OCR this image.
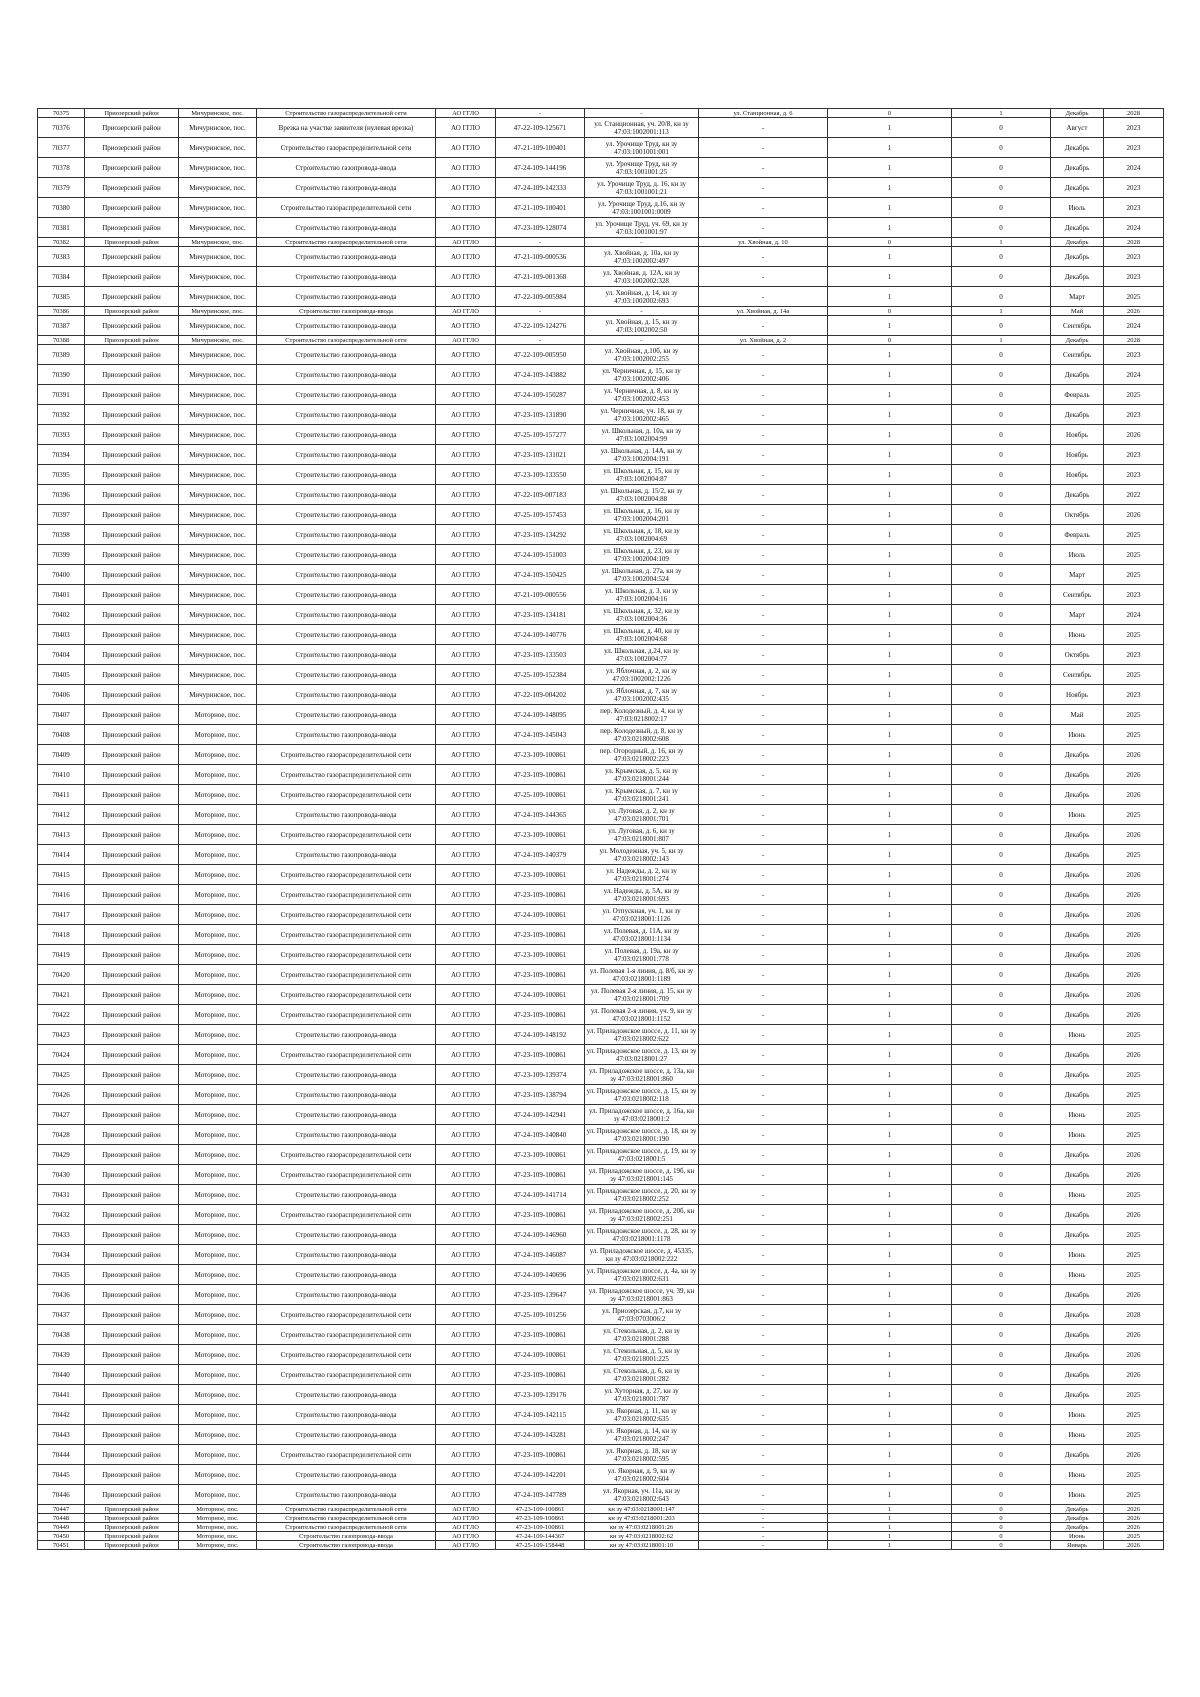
70375	Приозерский район	Мичуринское, пос.	Строительство газораспределительной сети	АО ГГЛО	-	-	ул. Станционная, д. 6	0	1	Декабрь	2028
70376	Приозерский район	Мичуринское, пос.	Врезка на участке заявителя (нулевая врезка)	АО ГГЛО	47-22-109-125671	ул. Станционная, уч. 20/8, кн зу 47:03:1002001:113	-	1	0	Август	2023
70377	Приозерский район	Мичуринское, пос.	Строительство газораспределительной сети	АО ГГЛО	47-21-109-100401	ул. Урочище Труд, кн зу 47:03:1001001:001	-	1	0	Декабрь	2023
70378	Приозерский район	Мичуринское, пос.	Строительство газопровода-ввода	АО ГГЛО	47-24-109-144196	ул. Урочище Труд, кн зу 47:03:1001001:25	-	1	0	Декабрь	2024
70379	Приозерский район	Мичуринское, пос.	Строительство газопровода-ввода	АО ГГЛО	47-24-109-142333	ул. Урочище Труд, д. 16, кн зу 47:03:1001001:21	-	1	0	Декабрь	2023
70380	Приозерский район	Мичуринское, пос.	Строительство газораспределительной сети	АО ГГЛО	47-21-109-100401	ул. Урочище Труд, д.16, кн зу 47:03:1001001:0009	-	1	0	Июль	2023
70381	Приозерский район	Мичуринское, пос.	Строительство газопровода-ввода	АО ГГЛО	47-23-109-128074	ул. Урочище Труд, уч. 69, кн зу 47:03:1001001:97	-	1	0	Декабрь	2024
70382	Приозерский район	Мичуринское, пос.	Строительство газораспределительной сети	АО ГГЛО	-	-	ул. Хвойная, д. 10	0	1	Декабрь	2028
70383	Приозерский район	Мичуринское, пос.	Строительство газопровода-ввода	АО ГГЛО	47-21-109-000536	ул. Хвойная, д. 10а, кн зу 47:03:1002002:497	-	1	0	Декабрь	2023
70384	Приозерский район	Мичуринское, пос.	Строительство газопровода-ввода	АО ГГЛО	47-21-109-001368	ул. Хвойная, д. 12А, кн зу 47:03:1002002:328	-	1	0	Декабрь	2023
70385	Приозерский район	Мичуринское, пос.	Строительство газопровода-ввода	АО ГГЛО	47-22-109-005984	ул. Хвойная, д. 14, кн зу 47:03:1002002:693	-	1	0	Март	2025
70386	Приозерский район	Мичуринское, пос.	Строительство газопровода-ввода	АО ГГЛО	-	-	ул. Хвойная, д. 14а	0	1	Май	2026
70387	Приозерский район	Мичуринское, пос.	Строительство газопровода-ввода	АО ГГЛО	47-22-109-124276	ул. Хвойная, д. 15, кн зу 47:03:1002002:50	-	1	0	Сентябрь	2024
70388	Приозерский район	Мичуринское, пос.	Строительство газораспределительной сети	АО ГГЛО	-	-	ул. Хвойная, д. 2	0	1	Декабрь	2028
70389	Приозерский район	Мичуринское, пос.	Строительство газопровода-ввода	АО ГГЛО	47-22-109-005950	ул. Хвойная, д.10б, кн зу 47:03:1002002:255	-	1	0	Сентябрь	2023
70390	Приозерский район	Мичуринское, пос.	Строительство газопровода-ввода	АО ГГЛО	47-24-109-143882	ул. Черничная, д. 15, кн зу 47:03:1002002:406	-	1	0	Декабрь	2024
70391	Приозерский район	Мичуринское, пос.	Строительство газопровода-ввода	АО ГГЛО	47-24-109-150287	ул. Черничная, д. 8, кн зу 47:03:1002002:453	-	1	0	Февраль	2025
70392	Приозерский район	Мичуринское, пос.	Строительство газопровода-ввода	АО ГГЛО	47-23-109-131890	ул. Черничная, уч. 18, кн зу 47:03:1002002:465	-	1	0	Декабрь	2023
70393	Приозерский район	Мичуринское, пос.	Строительство газопровода-ввода	АО ГГЛО	47-25-109-157277	ул. Школьная, д. 10а, кн зу 47:03:1002004:99	-	1	0	Ноябрь	2026
70394	Приозерский район	Мичуринское, пос.	Строительство газопровода-ввода	АО ГГЛО	47-23-109-131021	ул. Школьная, д. 14А, кн зу 47:03:1002004:191	-	1	0	Ноябрь	2023
70395	Приозерский район	Мичуринское, пос.	Строительство газопровода-ввода	АО ГГЛО	47-23-109-133550	ул. Школьная, д. 15, кн зу 47:03:1002004:87	-	1	0	Ноябрь	2023
70396	Приозерский район	Мичуринское, пос.	Строительство газопровода-ввода	АО ГГЛО	47-22-109-007183	ул. Школьная, д. 15/2, кн зу 47:03:1002004:88	-	1	0	Декабрь	2022
70397	Приозерский район	Мичуринское, пос.	Строительство газопровода-ввода	АО ГГЛО	47-25-109-157453	ул. Школьная, д. 16, кн зу 47:03:1002004:201	-	1	0	Октябрь	2026
70398	Приозерский район	Мичуринское, пос.	Строительство газопровода-ввода	АО ГГЛО	47-23-109-134292	ул. Школьная, д. 18, кн зу 47:03:1002004:69	-	1	0	Февраль	2025
70399	Приозерский район	Мичуринское, пос.	Строительство газопровода-ввода	АО ГГЛО	47-24-109-151003	ул. Школьная, д. 23, кн зу 47:03:1002004:109	-	1	0	Июль	2025
70400	Приозерский район	Мичуринское, пос.	Строительство газопровода-ввода	АО ГГЛО	47-24-109-150425	ул. Школьная, д. 27а, кн зу 47:03:1002004:524	-	1	0	Март	2025
70401	Приозерский район	Мичуринское, пос.	Строительство газопровода-ввода	АО ГГЛО	47-21-109-000556	ул. Школьная, д. 3, кн зу 47:03:1002004:16	-	1	0	Сентябрь	2023
70402	Приозерский район	Мичуринское, пос.	Строительство газопровода-ввода	АО ГГЛО	47-23-109-134181	ул. Школьная, д. 32, кн зу 47:03:1002004:36	-	1	0	Март	2024
70403	Приозерский район	Мичуринское, пос.	Строительство газопровода-ввода	АО ГГЛО	47-24-109-140776	ул. Школьная, д. 40, кн зу 47:03:1002004:68	-	1	0	Июнь	2025
70404	Приозерский район	Мичуринское, пос.	Строительство газопровода-ввода	АО ГГЛО	47-23-109-133503	ул. Школьная, д.24, кн зу 47:03:1002004:77	-	1	0	Октябрь	2023
70405	Приозерский район	Мичуринское, пос.	Строительство газопровода-ввода	АО ГГЛО	47-25-109-152384	ул. Яблочная, д. 2, кн зу 47:03:1002002:1226	-	1	0	Сентябрь	2025
70406	Приозерский район	Мичуринское, пос.	Строительство газопровода-ввода	АО ГГЛО	47-22-109-004202	ул. Яблочная, д. 7, кн зу 47:03:1002002:435	-	1	0	Ноябрь	2023
70407	Приозерский район	Моторное, пос.	Строительство газопровода-ввода	АО ГГЛО	47-24-109-148095	пер. Колодезный, д. 4, кн зу 47:03:0218002:17	-	1	0	Май	2025
70408	Приозерский район	Моторное, пос.	Строительство газопровода-ввода	АО ГГЛО	47-24-109-145043	пер. Колодезный, д. 8, кн зу 47:03:0218002:608	-	1	0	Июнь	2025
70409	Приозерский район	Моторное, пос.	Строительство газораспределительной сети	АО ГГЛО	47-23-109-100861	пер. Огородный, д. 16, кн зу 47:03:0218002:223	-	1	0	Декабрь	2026
70410	Приозерский район	Моторное, пос.	Строительство газораспределительной сети	АО ГГЛО	47-23-109-100861	ул. Крымская, д. 5, кн зу 47:03:0218001:244	-	1	0	Декабрь	2026
70411	Приозерский район	Моторное, пос.	Строительство газораспределительной сети	АО ГГЛО	47-25-109-100861	ул. Крымская, д. 7, кн зу 47:03:0218001:241	-	1	0	Декабрь	2026
70412	Приозерский район	Моторное, пос.	Строительство газопровода-ввода	АО ГГЛО	47-24-109-144365	ул. Луговая, д. 2, кн зу 47:03:0218001:701	-	1	0	Июнь	2025
70413	Приозерский район	Моторное, пос.	Строительство газораспределительной сети	АО ГГЛО	47-23-109-100861	ул. Луговая, д. 6, кн зу 47:03:0218001:807	-	1	0	Декабрь	2026
70414	Приозерский район	Моторное, пос.	Строительство газопровода-ввода	АО ГГЛО	47-24-109-140379	ул. Молодежная, уч. 5, кн зу 47:03:0218002:143	-	1	0	Декабрь	2025
70415	Приозерский район	Моторное, пос.	Строительство газораспределительной сети	АО ГГЛО	47-23-109-100861	ул. Надежды, д. 2, кн зу 47:03:0218001:274	-	1	0	Декабрь	2026
70416	Приозерский район	Моторное, пос.	Строительство газораспределительной сети	АО ГГЛО	47-23-109-100861	ул. Надежды, д. 5А, кн зу 47:03:0218001:693	-	1	0	Декабрь	2026
70417	Приозерский район	Моторное, пос.	Строительство газораспределительной сети	АО ГГЛО	47-24-109-100861	ул. Отпускная, уч. 1, кн зу 47:03:0218001:1126	-	1	0	Декабрь	2026
70418	Приозерский район	Моторное, пос.	Строительство газораспределительной сети	АО ГГЛО	47-23-109-100861	ул. Полевая, д. 11А, кн зу 47:03:0218001:1134	-	1	0	Декабрь	2026
70419	Приозерский район	Моторное, пос.	Строительство газораспределительной сети	АО ГГЛО	47-23-109-100861	ул. Полевая, д. 19а, кн зу 47:03:0218001:778	-	1	0	Декабрь	2026
70420	Приозерский район	Моторное, пос.	Строительство газораспределительной сети	АО ГГЛО	47-23-109-100861	ул. Полевая 1-я линия, д. 8/б, кн зу 47:03:0218001:1189	-	1	0	Декабрь	2026
70421	Приозерский район	Моторное, пос.	Строительство газораспределительной сети	АО ГГЛО	47-24-109-100861	ул. Полевая 2-я линия, д. 15, кн зу 47:03:0218001:709	-	1	0	Декабрь	2026
70422	Приозерский район	Моторное, пос.	Строительство газораспределительной сети	АО ГГЛО	47-23-109-100861	ул. Полевая 2-я линия, уч. 9, кн зу 47:03:0218001:1152	-	1	0	Декабрь	2026
70423	Приозерский район	Моторное, пос.	Строительство газопровода-ввода	АО ГГЛО	47-24-109-148192	ул. Приладожское шоссе, д. 11, кн зу 47:03:0218002:622	-	1	0	Июнь	2025
70424	Приозерский район	Моторное, пос.	Строительство газораспределительной сети	АО ГГЛО	47-23-109-100861	ул. Приладожское шоссе, д. 13, кн зу 47:03:0218001:27	-	1	0	Декабрь	2026
70425	Приозерский район	Моторное, пос.	Строительство газопровода-ввода	АО ГГЛО	47-23-109-139374	ул. Приладожское шоссе, д. 13а, кн зу 47:03:0218001:860	-	1	0	Декабрь	2025
70426	Приозерский район	Моторное, пос.	Строительство газопровода-ввода	АО ГГЛО	47-23-109-138794	ул. Приладожское шоссе, д. 15, кн зу 47:03:0218002:118	-	1	0	Декабрь	2025
70427	Приозерский район	Моторное, пос.	Строительство газопровода-ввода	АО ГГЛО	47-24-109-142941	ул. Приладожское шоссе, д. 16а, кн зу 47:03:0218001:2	-	1	0	Июнь	2025
70428	Приозерский район	Моторное, пос.	Строительство газопровода-ввода	АО ГГЛО	47-24-109-140840	ул. Приладожское шоссе, д. 18, кн зу 47:03:0218001:190	-	1	0	Июнь	2025
70429	Приозерский район	Моторное, пос.	Строительство газораспределительной сети	АО ГГЛО	47-23-109-100861	ул. Приладожское шоссе, д. 19, кн зу 47:03:0218001:5	-	1	0	Декабрь	2026
70430	Приозерский район	Моторное, пос.	Строительство газораспределительной сети	АО ГГЛО	47-23-109-100861	ул. Приладожское шоссе, д. 19б, кн зу 47:03:0218001:145	-	1	0	Декабрь	2026
70431	Приозерский район	Моторное, пос.	Строительство газопровода-ввода	АО ГГЛО	47-24-109-141714	ул. Приладожское шоссе, д. 20, кн зу 47:03:0218002:252	-	1	0	Июнь	2025
70432	Приозерский район	Моторное, пос.	Строительство газораспределительной сети	АО ГГЛО	47-23-109-100861	ул. Приладожское шоссе, д. 20б, кн зу 47:03:0218002:251	-	1	0	Декабрь	2026
70433	Приозерский район	Моторное, пос.	Строительство газопровода-ввода	АО ГГЛО	47-24-109-146960	ул. Приладожское шоссе, д. 28, кн зу 47:03:0218001:1178	-	1	0	Декабрь	2025
70434	Приозерский район	Моторное, пос.	Строительство газопровода-ввода	АО ГГЛО	47-24-109-146087	ул. Приладожское шоссе, д. 45335, кн зу 47:03:0218002:222	-	1	0	Июнь	2025
70435	Приозерский район	Моторное, пос.	Строительство газопровода-ввода	АО ГГЛО	47-24-109-140696	ул. Приладожское шоссе, д. 4а, кн зу 47:03:0218002:631	-	1	0	Июнь	2025
70436	Приозерский район	Моторное, пос.	Строительство газопровода-ввода	АО ГГЛО	47-23-109-139647	ул. Приладожское шоссе, уч. 39, кн зу 47:03:0218001:863	-	1	0	Декабрь	2026
70437	Приозерский район	Моторное, пос.	Строительство газораспределительной сети	АО ГГЛО	47-25-109-101256	ул. Приозерская, д.7, кн зу 47:03:0703006:2	-	1	0	Декабрь	2028
70438	Приозерский район	Моторное, пос.	Строительство газораспределительной сети	АО ГГЛО	47-23-109-100861	ул. Стекольная, д. 2, кн зу 47:03:0218001:288	-	1	0	Декабрь	2026
70439	Приозерский район	Моторное, пос.	Строительство газораспределительной сети	АО ГГЛО	47-24-109-100861	ул. Стекольная, д. 5, кн зу 47:03:0218001:225	-	1	0	Декабрь	2026
70440	Приозерский район	Моторное, пос.	Строительство газораспределительной сети	АО ГГЛО	47-23-109-100861	ул. Стекольная, д. 6, кн зу 47:03:0218001:282	-	1	0	Декабрь	2026
70441	Приозерский район	Моторное, пос.	Строительство газопровода-ввода	АО ГГЛО	47-23-109-139176	ул. Хуторная, д. 27, кн зу 47:03:0218001:787	-	1	0	Декабрь	2025
70442	Приозерский район	Моторное, пос.	Строительство газопровода-ввода	АО ГГЛО	47-24-109-142115	ул. Якорная, д. 11, кн зу 47:03:0218002:635	-	1	0	Июнь	2025
70443	Приозерский район	Моторное, пос.	Строительство газопровода-ввода	АО ГГЛО	47-24-109-143281	ул. Якорная, д. 14, кн зу 47:03:0218002:247	-	1	0	Июнь	2025
70444	Приозерский район	Моторное, пос.	Строительство газораспределительной сети	АО ГГЛО	47-23-109-100861	ул. Якорная, д. 18, кн зу 47:03:0218002:595	-	1	0	Декабрь	2026
70445	Приозерский район	Моторное, пос.	Строительство газопровода-ввода	АО ГГЛО	47-24-109-142201	ул. Якорная, д. 9, кн зу 47:03:0218002:604	-	1	0	Июнь	2025
70446	Приозерский район	Моторное, пос.	Строительство газопровода-ввода	АО ГГЛО	47-24-109-147789	ул. Якорная, уч. 11а, кн зу 47:03:0218002:643	-	1	0	Июнь	2025
70447	Приозерский район	Моторное, пос.	Строительство газораспределительной сети	АО ГГЛО	47-23-109-100861	кн зу 47:03:0218001:147	-	1	0	Декабрь	2026
70448	Приозерский район	Моторное, пос.	Строительство газораспределительной сети	АО ГГЛО	47-23-109-100861	кн зу 47:03:0218001:203	-	1	0	Декабрь	2026
70449	Приозерский район	Моторное, пос.	Строительство газораспределительной сети	АО ГГЛО	47-23-109-100861	кн зу 47:03:0218001:26	-	1	0	Декабрь	2026
70450	Приозерский район	Моторное, пос.	Строительство газопровода-ввода	АО ГГЛО	47-24-109-144367	кн зу 47:03:0218002:62	-	1	0	Июнь	2025
70451	Приозерский район	Моторное, пос.	Строительство газопровода-ввода	АО ГГЛО	47-25-109-158448	кн зу 47:03:0218001:10	-	1	0	Январь	2026
